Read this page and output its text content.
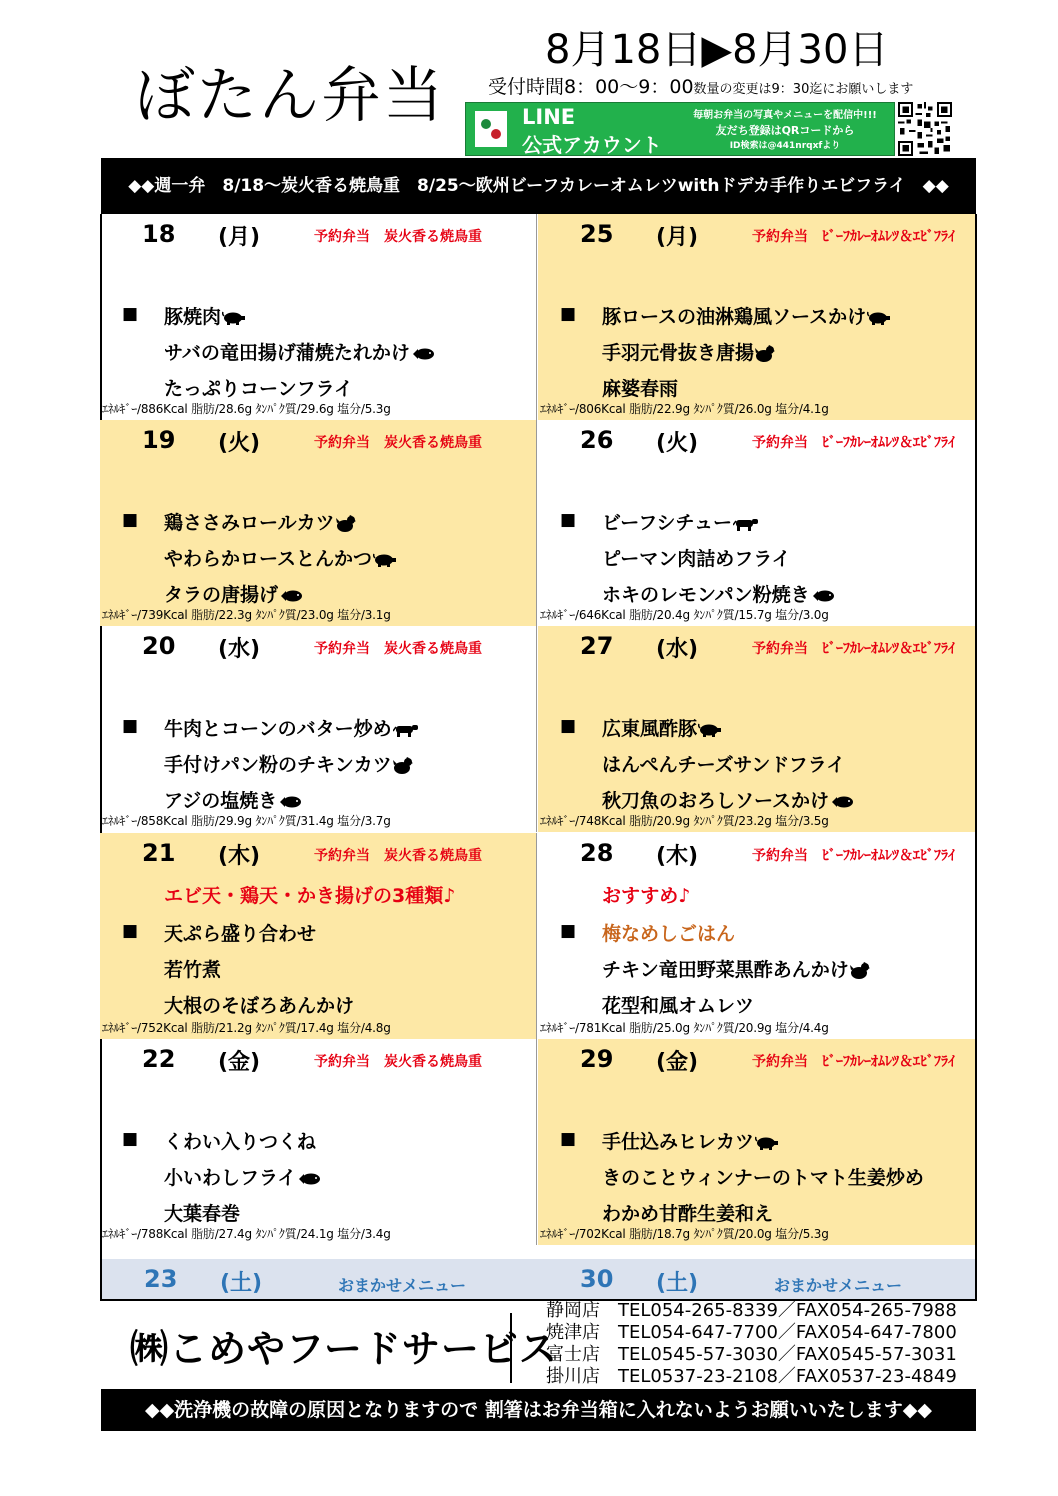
ぼたん弁当
8月18日▶8月30日
受付時間8：00～9：00数量の変更は9：30迄にお願いします
LINE
公式アカウント
毎朝お弁当の写真やメニューを配信中!!!
友だち登録はQRコードから
ID検索は@441nrqxfより
◆◆週一弁　8/18～炭火香る焼鳥重　8/25～欧州ビーフカレーオムレツwithドデカ手作りエビフライ　◆◆
18 (月)	予約弁当　炭火香る焼鳥重
■ 豚焼肉
サバの竜田揚げ蒲焼たれかけ
たっぷりコーンフライ
ｴﾈﾙｷﾞｰ/886Kcal 脂肪/28.6g ﾀﾝﾊﾟｸ質/29.6g 塩分/5.3g
19 (火)	予約弁当　炭火香る焼鳥重
■ 鶏ささみロールカツ
やわらかロースとんかつ
タラの唐揚げ
ｴﾈﾙｷﾞｰ/739Kcal 脂肪/22.3g ﾀﾝﾊﾟｸ質/23.0g 塩分/3.1g
20 (水)	予約弁当　炭火香る焼鳥重
■ 牛肉とコーンのバター炒め
手付けパン粉のチキンカツ
アジの塩焼き
ｴﾈﾙｷﾞｰ/858Kcal 脂肪/29.9g ﾀﾝﾊﾟｸ質/31.4g 塩分/3.7g
21 (木)	予約弁当　炭火香る焼鳥重
エビ天・鶏天・かき揚げの3種類♪
■ 天ぷら盛り合わせ
若竹煮
大根のそぼろあんかけ
ｴﾈﾙｷﾞｰ/752Kcal 脂肪/21.2g ﾀﾝﾊﾟｸ質/17.4g 塩分/4.8g
22 (金)	予約弁当　炭火香る焼鳥重
■ くわい入りつくね
小いわしフライ
大葉春巻
ｴﾈﾙｷﾞｰ/788Kcal 脂肪/27.4g ﾀﾝﾊﾟｸ質/24.1g 塩分/3.4g
25 (月)	予約弁当　ﾋﾞｰﾌｶﾚｰｵﾑﾚﾂ＆ｴﾋﾞﾌﾗｲ
■ 豚ロースの油淋鶏風ソースかけ
手羽元骨抜き唐揚
麻婆春雨
ｴﾈﾙｷﾞｰ/806Kcal 脂肪/22.9g ﾀﾝﾊﾟｸ質/26.0g 塩分/4.1g
26 (火)	予約弁当　ﾋﾞｰﾌｶﾚｰｵﾑﾚﾂ＆ｴﾋﾞﾌﾗｲ
■ ビーフシチュー
ピーマン肉詰めフライ
ホキのレモンパン粉焼き
ｴﾈﾙｷﾞｰ/646Kcal 脂肪/20.4g ﾀﾝﾊﾟｸ質/15.7g 塩分/3.0g
27 (水)	予約弁当　ﾋﾞｰﾌｶﾚｰｵﾑﾚﾂ＆ｴﾋﾞﾌﾗｲ
■ 広東風酢豚
はんぺんチーズサンドフライ
秋刀魚のおろしソースかけ
ｴﾈﾙｷﾞｰ/748Kcal 脂肪/20.9g ﾀﾝﾊﾟｸ質/23.2g 塩分/3.5g
28 (木)	予約弁当　ﾋﾞｰﾌｶﾚｰｵﾑﾚﾂ＆ｴﾋﾞﾌﾗｲ
おすすめ♪
■ 梅なめしごはん
チキン竜田野菜黒酢あんかけ
花型和風オムレツ
ｴﾈﾙｷﾞｰ/781Kcal 脂肪/25.0g ﾀﾝﾊﾟｸ質/20.9g 塩分/4.4g
29 (金)	予約弁当　ﾋﾞｰﾌｶﾚｰｵﾑﾚﾂ＆ｴﾋﾞﾌﾗｲ
■ 手仕込みヒレカツ
きのことウィンナーのトマト生姜炒め
わかめ甘酢生姜和え
ｴﾈﾙｷﾞｰ/702Kcal 脂肪/18.7g ﾀﾝﾊﾟｸ質/20.0g 塩分/5.3g
23 (土)	おまかせメニュー	30 (土)	おまかせメニュー
㈱こめやフードサービス
静岡店　TEL054-265-8339／FAX054-265-7988
焼津店　TEL054-647-7700／FAX054-647-7800
富士店　TEL0545-57-3030／FAX0545-57-3031
掛川店　TEL0537-23-2108／FAX0537-23-4849
◆◆洗浄機の故障の原因となりますので 割箸はお弁当箱に入れないようお願いいたします◆◆
